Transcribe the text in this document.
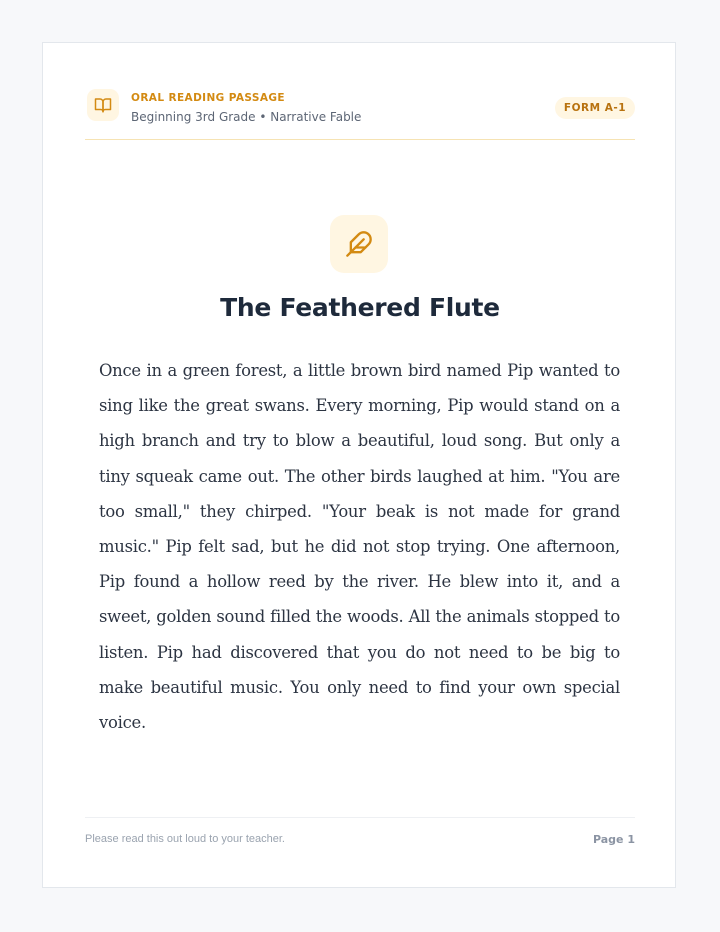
ORAL READING PASSAGE
Beginning 3rd Grade • Narrative Fable
FORM A-1
The Feathered Flute

Once in a green forest, a little brown bird named Pip wanted to sing like the great swans. Every morning, Pip would stand on a high branch and try to blow a beautiful, loud song. But only a tiny squeak came out. The other birds laughed at him. "You are too small," they chirped. "Your beak is not made for grand music." Pip felt sad, but he did not stop trying. One afternoon, Pip found a hollow reed by the river. He blew into it, and a sweet, golden sound filled the woods. All the animals stopped to listen. Pip had discovered that you do not need to be big to make beautiful music. You only need to find your own special voice.

Please read this out loud to your teacher.	Page 1
